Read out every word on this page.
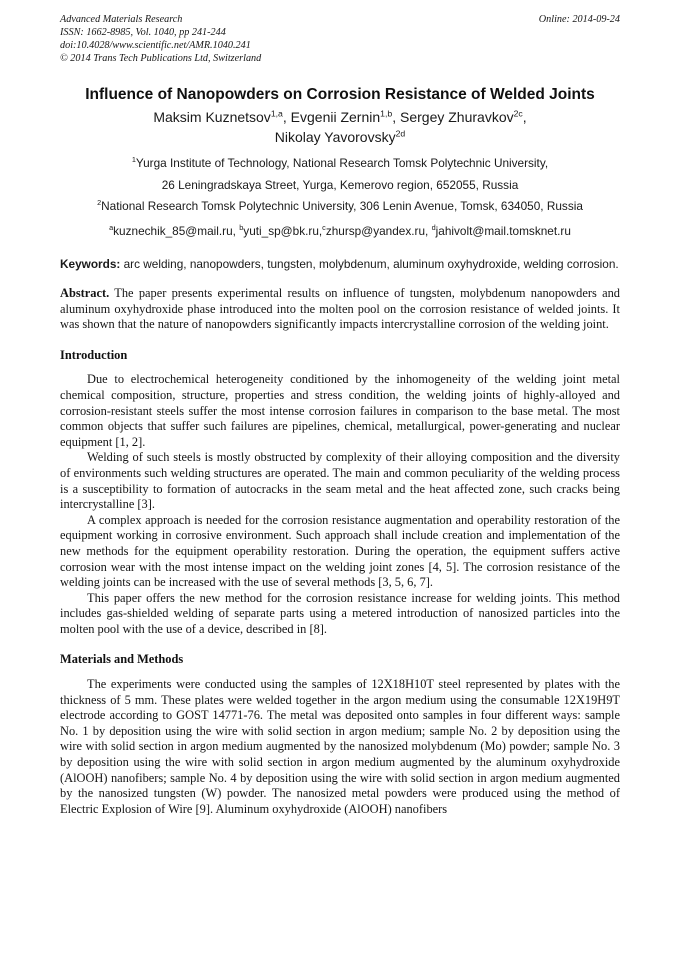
Advanced Materials Research
ISSN: 1662-8985, Vol. 1040, pp 241-244
doi:10.4028/www.scientific.net/AMR.1040.241
© 2014 Trans Tech Publications Ltd, Switzerland
Online: 2014-09-24
Influence of Nanopowders on Corrosion Resistance of Welded Joints
Maksim Kuznetsov$^{1,a}$, Evgenii Zernin$^{1,b}$, Sergey Zhuravkov$^{2c}$,
Nikolay Yavorovsky$^{2d}$
$^1$Yurga Institute of Technology, National Research Tomsk Polytechnic University,
26 Leningradskaya Street, Yurga, Kemerovo region, 652055, Russia
$^2$National Research Tomsk Polytechnic University, 306 Lenin Avenue, Tomsk, 634050, Russia
$^a$kuznechik_85@mail.ru, $^b$yuti_sp@bk.ru,$^c$zhursp@yandex.ru, $^d$jahivolt@mail.tomsknet.ru
Keywords: arc welding, nanopowders, tungsten, molybdenum, aluminum oxyhydroxide, welding corrosion.
Abstract. The paper presents experimental results on influence of tungsten, molybdenum nanopowders and aluminum oxyhydroxide phase introduced into the molten pool on the corrosion resistance of welded joints. It was shown that the nature of nanopowders significantly impacts intercrystalline corrosion of the welding joint.
Introduction

Due to electrochemical heterogeneity conditioned by the inhomogeneity of the welding joint metal chemical composition, structure, properties and stress condition, the welding joints of highly-alloyed and corrosion-resistant steels suffer the most intense corrosion failures in comparison to the base metal. The most common objects that suffer such failures are pipelines, chemical, metallurgical, power-generating and nuclear equipment [1, 2].

Welding of such steels is mostly obstructed by complexity of their alloying composition and the diversity of environments such welding structures are operated. The main and common peculiarity of the welding process is a susceptibility to formation of autocracks in the seam metal and the heat affected zone, such cracks being intercrystalline [3].

A complex approach is needed for the corrosion resistance augmentation and operability restoration of the equipment working in corrosive environment. Such approach shall include creation and implementation of the new methods for the equipment operability restoration. During the operation, the equipment suffers active corrosion wear with the most intense impact on the welding joint zones [4, 5]. The corrosion resistance of the welding joints can be increased with the use of several methods [3, 5, 6, 7].

This paper offers the new method for the corrosion resistance increase for welding joints. This method includes gas-shielded welding of separate parts using a metered introduction of nanosized particles into the molten pool with the use of a device, described in [8].

Materials and Methods

The experiments were conducted using the samples of 12X18H10T steel represented by plates with the thickness of 5 mm. These plates were welded together in the argon medium using the consumable 12X19H9T electrode according to GOST 14771-76. The metal was deposited onto samples in four different ways: sample No. 1 by deposition using the wire with solid section in argon medium; sample No. 2 by deposition using the wire with solid section in argon medium augmented by the nanosized molybdenum (Mo) powder; sample No. 3 by deposition using the wire with solid section in argon medium augmented by the aluminum oxyhydroxide (AlOOH) nanofibers; sample No. 4 by deposition using the wire with solid section in argon medium augmented by the nanosized tungsten (W) powder. The nanosized metal powders were produced using the method of Electric Explosion of Wire [9]. Aluminum oxyhydroxide (AlOOH) nanofibers
